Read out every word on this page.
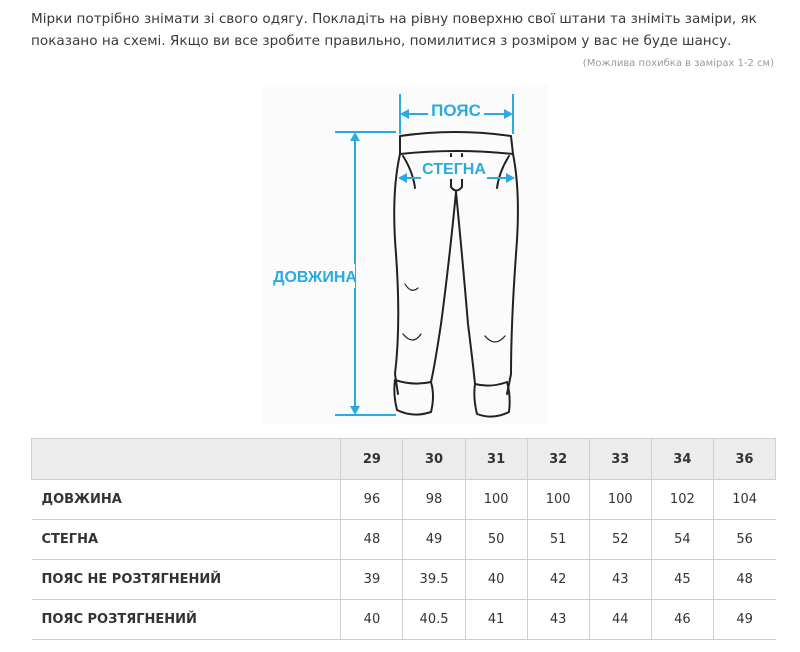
Мірки потрібно знімати зі свого одягу. Покладіть на рівну поверхню свої штани та зніміть заміри, як показано на схемі. Якщо ви все зробите правильно, помилитися з розміром у вас не буде шансу.
(Можлива похибка в замірах 1-2 см)
ПОЯС
СТЕГНА
ДОВЖИНА
	29	30	31	32	33	34	36
ДОВЖИНА	96	98	100	100	100	102	104
СТЕГНА	48	49	50	51	52	54	56
ПОЯС НЕ РОЗТЯГНЕНИЙ	39	39.5	40	42	43	45	48
ПОЯС РОЗТЯГНЕНИЙ	40	40.5	41	43	44	46	49
